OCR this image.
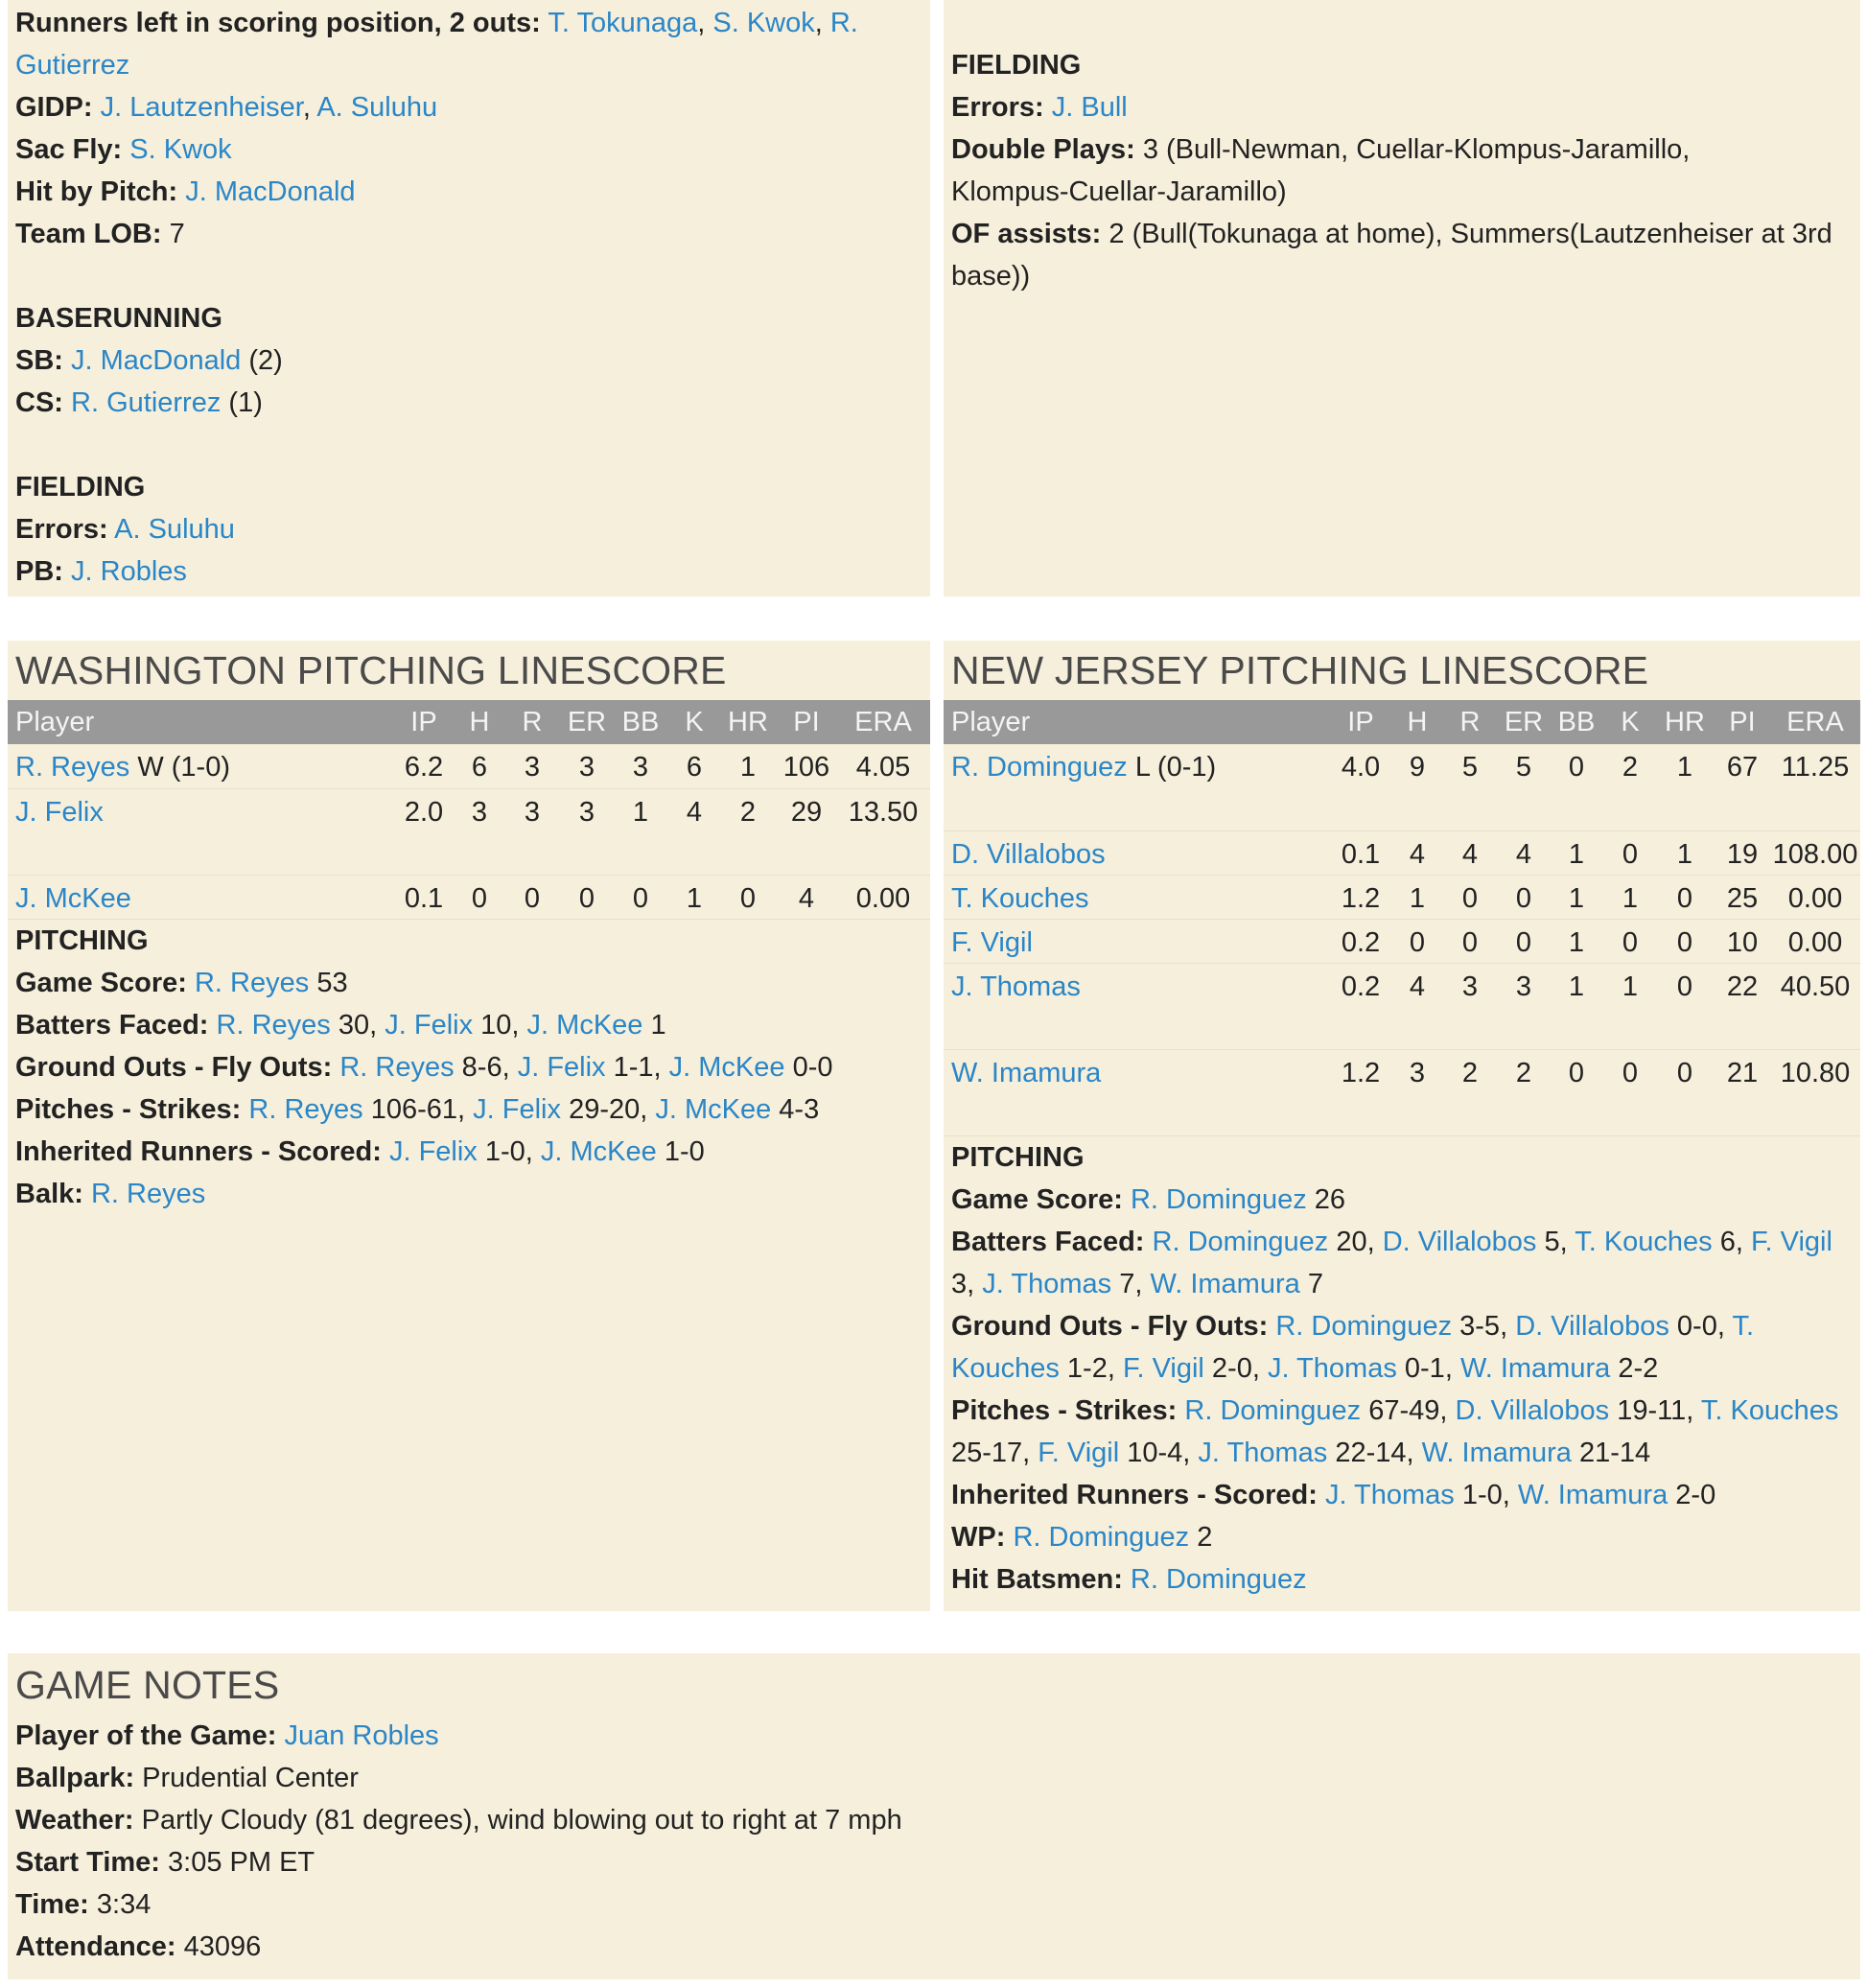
Runners left in scoring position, 2 outs: T. Tokunaga, S. Kwok, R. Gutierrez
GIDP: J. Lautzenheiser, A. Suluhu
Sac Fly: S. Kwok
Hit by Pitch: J. MacDonald
Team LOB: 7
BASERUNNING
SB: J. MacDonald (2)
CS: R. Gutierrez (1)
FIELDING
Errors: A. Suluhu
PB: J. Robles
FIELDING
Errors: J. Bull
Double Plays: 3 (Bull-Newman, Cuellar-Klompus-Jaramillo,
Klompus-Cuellar-Jaramillo)
OF assists: 2 (Bull(Tokunaga at home), Summers(Lautzenheiser at 3rd
base))
WASHINGTON PITCHING LINESCORE
Player	IP	H	R	ER	BB	K	HR	PI	ERA
R. Reyes W (1-0)	6.2	6	3	3	3	6	1	106	4.05
J. Felix	2.0	3	3	3	1	4	2	29	13.50
J. McKee	0.1	0	0	0	0	1	0	4	0.00
PITCHING
Game Score: R. Reyes 53
Batters Faced: R. Reyes 30, J. Felix 10, J. McKee 1
Ground Outs - Fly Outs: R. Reyes 8-6, J. Felix 1-1, J. McKee 0-0
Pitches - Strikes: R. Reyes 106-61, J. Felix 29-20, J. McKee 4-3
Inherited Runners - Scored: J. Felix 1-0, J. McKee 1-0
Balk: R. Reyes
NEW JERSEY PITCHING LINESCORE
Player	IP	H	R	ER	BB	K	HR	PI	ERA
R. Dominguez L (0-1)	4.0	9	5	5	0	2	1	67	11.25
D. Villalobos	0.1	4	4	4	1	0	1	19	108.00
T. Kouches	1.2	1	0	0	1	1	0	25	0.00
F. Vigil	0.2	0	0	0	1	0	0	10	0.00
J. Thomas	0.2	4	3	3	1	1	0	22	40.50
W. Imamura	1.2	3	2	2	0	0	0	21	10.80
PITCHING
Game Score: R. Dominguez 26
Batters Faced: R. Dominguez 20, D. Villalobos 5, T. Kouches 6, F. Vigil 3, J. Thomas 7, W. Imamura 7
Ground Outs - Fly Outs: R. Dominguez 3-5, D. Villalobos 0-0, T. Kouches 1-2, F. Vigil 2-0, J. Thomas 0-1, W. Imamura 2-2
Pitches - Strikes: R. Dominguez 67-49, D. Villalobos 19-11, T. Kouches 25-17, F. Vigil 10-4, J. Thomas 22-14, W. Imamura 21-14
Inherited Runners - Scored: J. Thomas 1-0, W. Imamura 2-0
WP: R. Dominguez 2
Hit Batsmen: R. Dominguez
GAME NOTES
Player of the Game: Juan Robles
Ballpark: Prudential Center
Weather: Partly Cloudy (81 degrees), wind blowing out to right at 7 mph
Start Time: 3:05 PM ET
Time: 3:34
Attendance: 43096
